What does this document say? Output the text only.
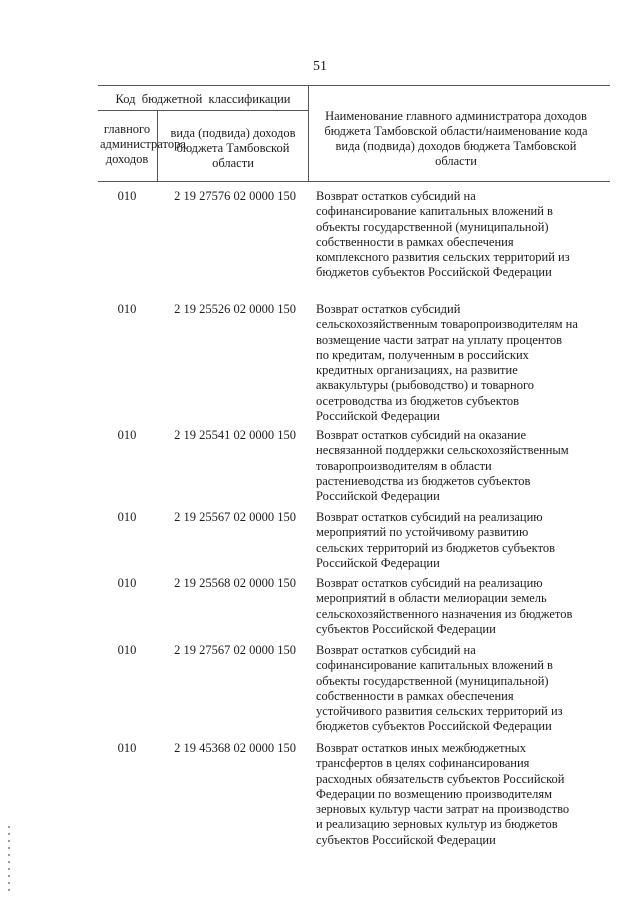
51
Код  бюджетной  классификации
главного администратора доходов
вида (подвида) доходов бюджета Тамбовской области
Наименование главного администратора доходов бюджета Тамбовской области/наименование кода вида (подвида) доходов бюджета Тамбовской области
010	2 19 27576 02 0000 150	Возврат остатков субсидий на софинансирование капитальных вложений в объекты государственной (муниципальной) собственности в рамках обеспечения комплексного развития сельских территорий из бюджетов субъектов Российской Федерации
010	2 19 25526 02 0000 150	Возврат остатков субсидий сельскохозяйственным товаропроизводителям на возмещение части затрат на уплату процентов по кредитам, полученным в российских кредитных организациях, на развитие аквакультуры (рыбоводство) и товарного осетроводства из бюджетов субъектов Российской Федерации
010	2 19 25541 02 0000 150	Возврат остатков субсидий на оказание несвязанной поддержки сельскохозяйственным товаропроизводителям в области растениеводства из бюджетов субъектов Российской Федерации
010	2 19 25567 02 0000 150	Возврат остатков субсидий на реализацию мероприятий по устойчивому развитию сельских территорий из бюджетов субъектов Российской Федерации
010	2 19 25568 02 0000 150	Возврат остатков субсидий на реализацию мероприятий в области мелиорации земель сельскохозяйственного назначения из бюджетов субъектов Российской Федерации
010	2 19 27567 02 0000 150	Возврат остатков субсидий на софинансирование капитальных вложений в объекты государственной (муниципальной) собственности в рамках обеспечения устойчивого развития сельских территорий из бюджетов субъектов Российской Федерации
010	2 19 45368 02 0000 150	Возврат остатков иных межбюджетных трансфертов в целях софинансирования расходных обязательств субъектов Российской Федерации по возмещению производителям зерновых культур части затрат на производство и реализацию зерновых культур из бюджетов субъектов Российской Федерации
